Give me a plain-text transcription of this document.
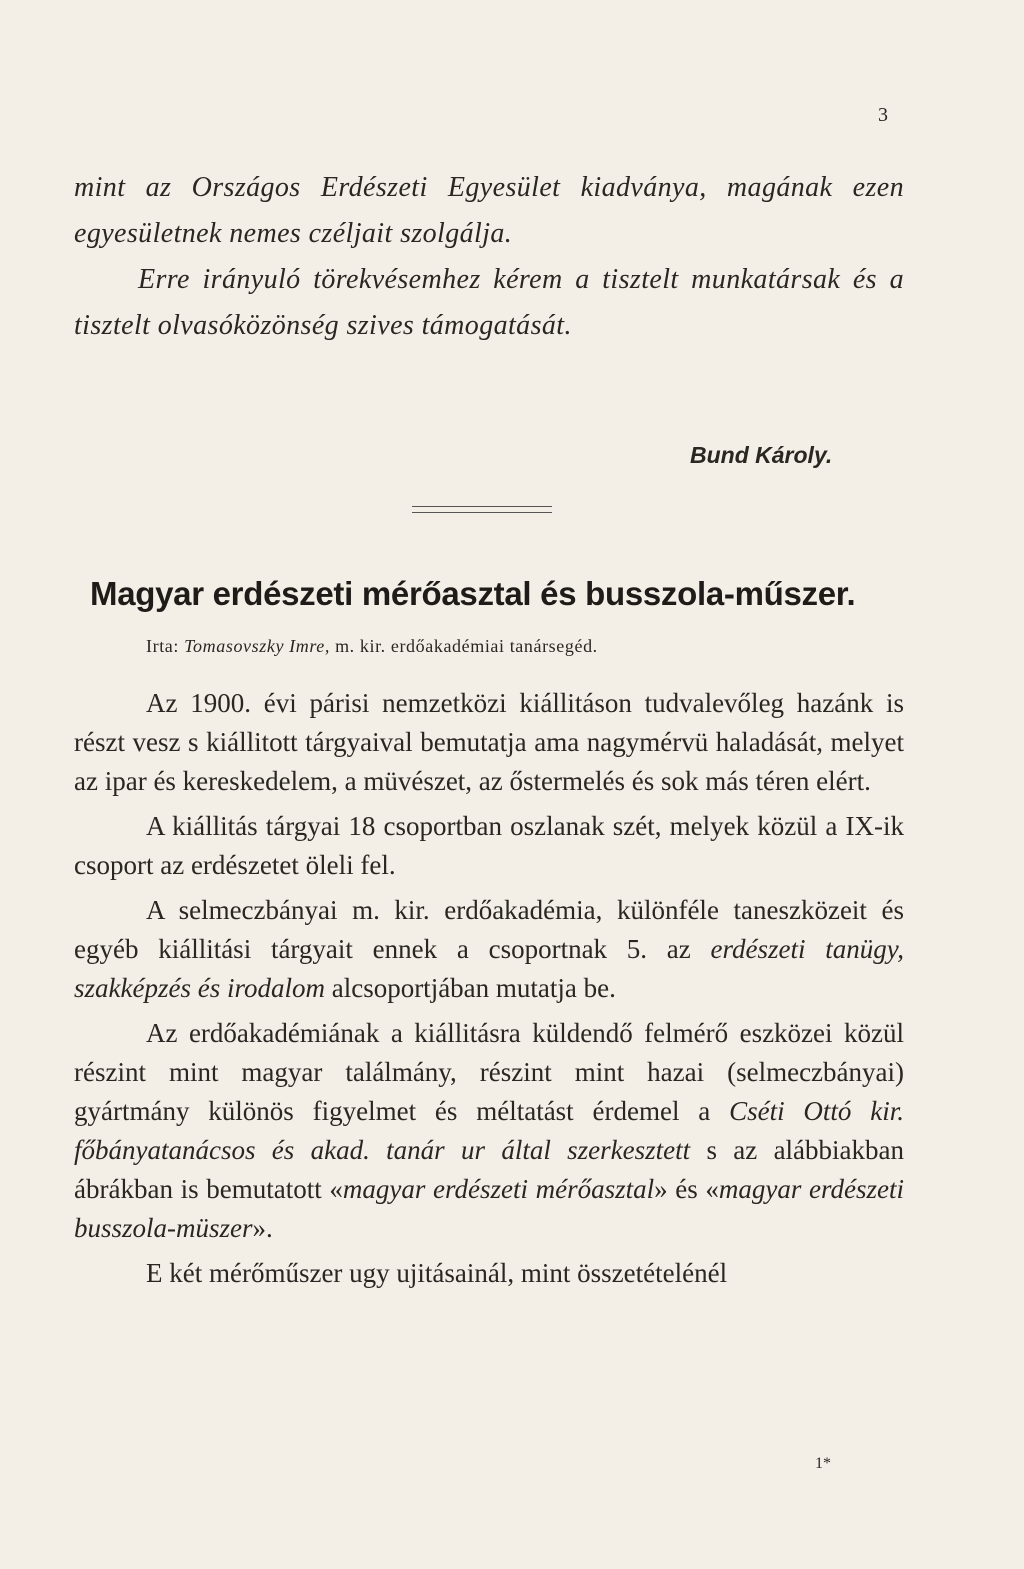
3

mint az Országos Erdészeti Egyesület kiadványa, magának ezen egyesületnek nemes czéljait szolgálja.

Erre irányuló törekvésemhez kérem a tisztelt munkatársak és a tisztelt olvasóközönség szives támogatását.

Bund Károly.
Magyar erdészeti mérőasztal és busszola-műszer.
Irta: Tomasovszky Imre, m. kir. erdőakadémiai tanársegéd.

Az 1900. évi párisi nemzetközi kiállitáson tudvalevőleg hazánk is részt vesz s kiállitott tárgyaival bemutatja ama nagymérvü haladását, melyet az ipar és kereskedelem, a müvészet, az őstermelés és sok más téren elért.

A kiállitás tárgyai 18 csoportban oszlanak szét, melyek közül a IX-ik csoport az erdészetet öleli fel.

A selmeczbányai m. kir. erdőakadémia, különféle taneszközeit és egyéb kiállitási tárgyait ennek a csoportnak 5. az erdészeti tanügy, szakképzés és irodalom alcsoportjában mutatja be.

Az erdőakadémiának a kiállitásra küldendő felmérő eszközei közül részint mint magyar találmány, részint mint hazai (selmeczbányai) gyártmány különös figyelmet és méltatást érdemel a Cséti Ottó kir. főbányatanácsos és akad. tanár ur által szerkesztett s az alábbiakban ábrákban is bemutatott «magyar erdészeti mérőasztal» és «magyar erdészeti busszola-müszer».

E két mérőműszer ugy ujitásainál, mint összetételénél

1*
